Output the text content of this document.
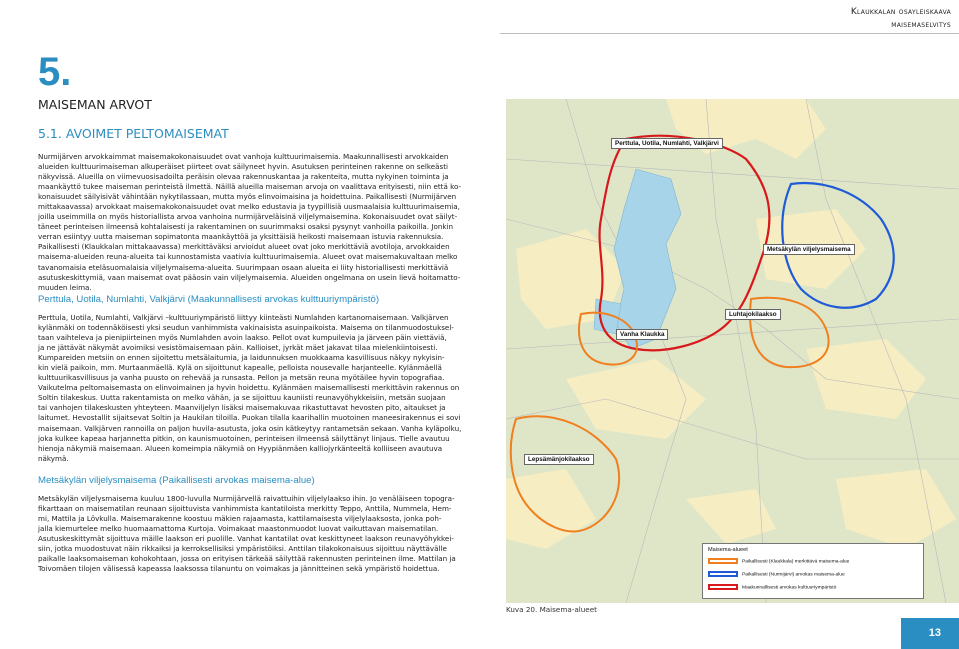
Klaukkalan osayleiskaava
maisemaselvitys
5.
MAISEMAN ARVOT
5.1. AVOIMET PELTOMAISEMAT

Nurmijärven arvokkaimmat maisemakokonaisuudet ovat vanhoja kulttuurimaisemia. Maakunnallisesti arvokkaiden
alueiden kulttuurimaiseman alkuperäiset piirteet ovat säilyneet hyvin. Asutuksen perinteinen rakenne on selkeästi
näkyvissä. Alueilla on viimevuosisadoilta peräisin olevaa rakennuskantaa ja rakenteita, mutta nykyinen toiminta ja
maankäyttö tukee maiseman perinteistä ilmettä. Näillä alueilla maiseman arvoja on vaalittava erityisesti, niin että ko-
konaisuudet säilyisivät vähintään nykytilassaan, mutta myös elinvoimaisina ja hoidettuina. Paikallisesti (Nurmijärven
mittakaavassa) arvokkaat maisemakokonaisuudet ovat melko edustavia ja tyypillisiä uusmaalaisia kulttuurimaisemia,
joilla useimmilla on myös historiallista arvoa vanhoina nurmijärveläisinä viljelymaisemina. Kokonaisuudet ovat säilyt-
täneet perinteisen ilmeensä kohtalaisesti ja rakentaminen on suurimmaksi osaksi pysynyt vanhoilla paikoilla. Jonkin
verran esiintyy uutta maiseman sopimatonta maankäyttöä ja yksittäisiä heikosti maisemaan istuvia rakennuksia.
Paikallisesti (Klaukkalan mittakaavassa) merkittäväksi arvioidut alueet ovat joko merkittäviä avotiloja, arvokkaiden
maisema-alueiden reuna-alueita tai kunnostamista vaativia kulttuurimaisemia. Alueet ovat maisemakuvaltaan melko
tavanomaisia eteläsuomalaisia viljelymaisema-alueita. Suurimpaan osaan alueita ei liity historiallisesti merkittäviä
asutuskeskittymiä, vaan maisemat ovat pääosin vain viljelymaisemia. Alueiden ongelmana on usein lievä hoitamatto-
muuden leima.

Perttula, Uotila, Numlahti, Valkjärvi (Maakunnallisesti arvokas kulttuuriympäristö)

Perttula, Uotila, Numlahti, Valkjärvi –kulttuuriympäristö liittyy kiinteästi Numlahden kartanomaisemaan. Valkjärven
kylänmäki on todennäköisesti yksi seudun vanhimmista vakinaisista asuinpaikoista. Maisema on tilanmuodostuksel-
taan vaihteleva ja pienipiirteinen myös Numlahden avoin laakso. Pellot ovat kumpuilevia ja järveen päin viettäviä,
ja ne jättävät näkymät avoimiksi vesistömaisemaan päin. Kallioiset, jyrkät mäet jakavat tilaa mielenkiintoisesti.
Kumpareiden metsiin on ennen sijoitettu metsälaitumia, ja laidunnuksen muokkaama kasvillisuus näkyy nykyisin-
kin vielä paikoin, mm. Murtaanmäellä. Kylä on sijoittunut kapealle, pelloista nousevalle harjanteelle. Kylänmäellä
kulttuurikasvillisuus ja vanha puusto on rehevää ja runsasta. Pellon ja metsän reuna myötäilee hyvin topografiaa.
Vaikutelma peltomaisemasta on elinvoimainen ja hyvin hoidettu. Kylänmäen maisemallisesti merkittävin rakennus on
Soltin tilakeskus. Uutta rakentamista on melko vähän, ja se sijoittuu kauniisti reunavyöhykkeisiin, metsän suojaan
tai vanhojen tilakeskusten yhteyteen. Maanviljelyn lisäksi maisemakuvaa rikastuttavat hevosten pito, aitaukset ja
laitumet. Hevostallit sijaitsevat Soltin ja Haukilan tiloilla. Puokan tilalla kaarihallin muotoinen maneesirakennus ei sovi
maisemaan. Valkjärven rannoilla on paljon huvila-asutusta, joka osin kätkeytyy rantametsän sekaan. Vanha kyläpolku,
joka kulkee kapeaa harjannetta pitkin, on kaunismuotoinen, perinteisen ilmeensä säilyttänyt linjaus. Tielle avautuu
hienoja näkymiä maisemaan. Alueen komeimpia näkymiä on Hyypiänmäen kalliojyrkänteeltä kolliiseen avautuva
näkymä.

Metsäkylän viljelysmaisema (Paikallisesti arvokas maisema-alue)

Metsäkylän viljelysmaisema kuuluu 1800-luvulla Nurmijärvellä raivattuihin viljelylaakso ihin. Jo venäläiseen topogra-
fikarttaan on maisematilan reunaan sijoittuvista vanhimmista kantatiloista merkitty Teppo, Anttila, Nummela, Hem-
mi, Mattila ja Lövkulla. Maisemarakenne koostuu mäkien rajaamasta, kattilamaisesta viljelylaaksosta, jonka poh-
jalla kiemurtelee melko huomaamattoma Kurtoja. Voimakaat maastonmuodot luovat vaikuttavan maisematilan.
Asutuskeskittymät sijoittuva mäille laakson eri puolille. Vanhat kantatilat ovat keskittyneet laakson reunavyöhykkei-
siin, jotka muodostuvat näin rikkaiksi ja kerroksellisiksi ympäristöiksi. Anttilan tilakokonaisuus sijoittuu näyttävälle
paikalle laaksomaiseman kohokohtaan, jossa on erityisen tärkeää säilyttää rakennusten perinteinen ilme. Mattilan ja
Toivomäen tilojen välisessä kapeassa laaksossa tilanuntu on voimakas ja jännitteinen sekä ympäristö hoidettua.

Perttula, Uotila, Numlahti, Valkjärvi
Metsäkylän viljelysmaisema
Luhtajokilaakso
Vanha Klaukka
Lepsämänjokilaakso
Maisema-alueet
Paikallisesti (Klaukkala) merkittävä maisema-alue
Paikallisesti (Nurmijärvi) arvokas maisema-alue
Maakunnallisesti arvokas kulttuuriympäristö
Kuva 20. Maisema-alueet
13
